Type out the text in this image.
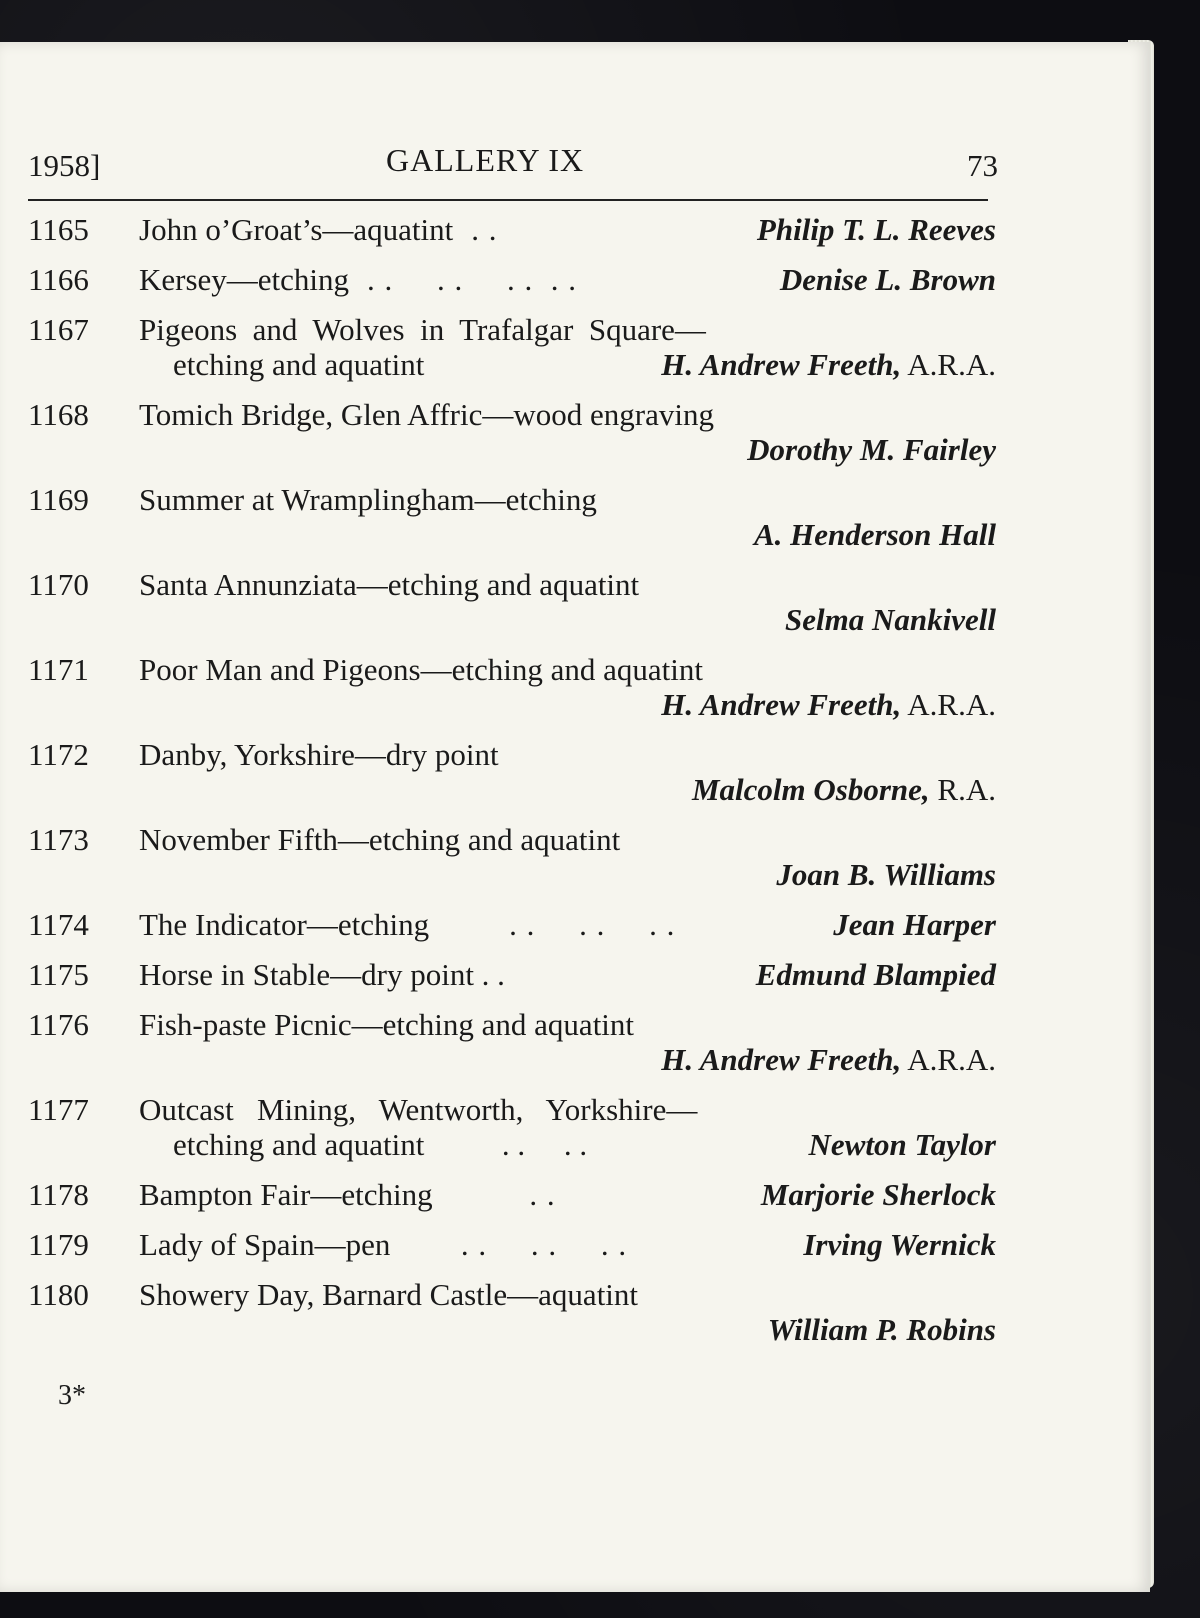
1958]	GALLERY IX	73
1165	John o’Groat’s—aquatint . .	Philip T. L. Reeves
1166	Kersey—etching . .     . .     . .  . .	Denise L. Brown
1167	Pigeons  and  Wolves  in  Trafalgar  Square—
etching and aquatint	H. Andrew Freeth, A.R.A.
1168	Tomich Bridge, Glen Affric—wood engraving
Dorothy M. Fairley
1169	Summer at Wramplingham—etching
A. Henderson Hall
1170	Santa Annunziata—etching and aquatint
Selma Nankivell
1171	Poor Man and Pigeons—etching and aquatint
H. Andrew Freeth, A.R.A.
1172	Danby, Yorkshire—dry point
Malcolm Osborne, R.A.
1173	November Fifth—etching and aquatint
Joan B. Williams
1174	The Indicator—etching	. .     . .     . .	Jean Harper
1175	Horse in Stable—dry point . .	Edmund Blampied
1176	Fish-paste Picnic—etching and aquatint
H. Andrew Freeth, A.R.A.
1177	Outcast   Mining,   Wentworth,   Yorkshire—
etching and aquatint          . .     . .	Newton Taylor
1178	Bampton Fair—etching         . .	Marjorie Sherlock
1179	Lady of Spain—pen      . .     . .     . .	Irving Wernick
1180	Showery Day, Barnard Castle—aquatint
William P. Robins
3*
